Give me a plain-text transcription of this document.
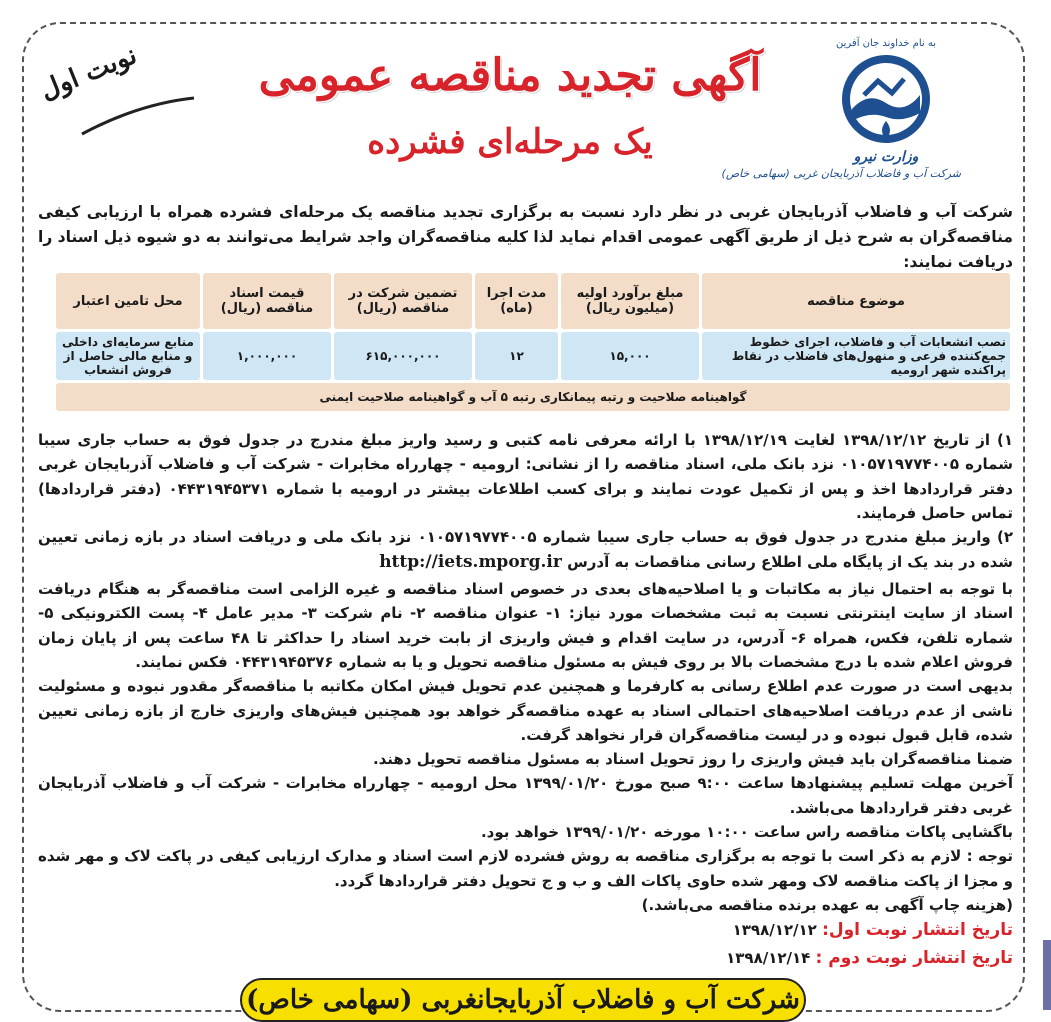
به نام خداوند جان آفرین
وزارت نیرو
شرکت آب و فاضلاب آذربایجان غربی (سهامی خاص)
آگهی تجدید مناقصه عمومی
یک مرحله‌ای فشرده
نوبت اول
شرکت آب و فاضلاب آذربایجان غربی در نظر دارد نسبت به برگزاری تجدید مناقصه یک مرحله‌ای فشرده همراه با ارزیابی کیفی مناقصه‌گران به شرح ذیل از طریق آگهی عمومی اقدام نماید لذا کلیه مناقصه‌گران واجد شرایط می‌توانند به دو شیوه ذیل اسناد را دریافت نمایند:
موضوع مناقصه	مبلغ برآورد اولیه (میلیون ریال)	مدت اجرا (ماه)	تضمین شرکت در مناقصه (ریال)	قیمت اسناد مناقصه (ریال)	محل تامین اعتبار
نصب انشعابات آب و فاضلاب، اجرای خطوط جمع‌کننده فرعی و منهول‌های فاضلاب در نقاط پراکنده شهر ارومیه	۱۵,۰۰۰	۱۲	۶۱۵,۰۰۰,۰۰۰	۱,۰۰۰,۰۰۰	منابع سرمایه‌ای داخلی و منابع مالی حاصل از فروش انشعاب
گواهینامه صلاحیت و رتبه پیمانکاری رتبه ۵ آب و گواهینامه صلاحیت ایمنی					

۱) از تاریخ ۱۳۹۸/۱۲/۱۲ لغایت ۱۳۹۸/۱۲/۱۹ با ارائه معرفی نامه کتبی و رسید واریز مبلغ مندرج در جدول فوق به حساب جاری سیبا شماره ۰۱۰۵۷۱۹۷۷۴۰۰۵ نزد بانک ملی، اسناد مناقصه را از نشانی: ارومیه - چهارراه مخابرات - شرکت آب و فاضلاب آذربایجان غربی دفتر قراردادها اخذ و پس از تکمیل عودت نمایند و برای کسب اطلاعات بیشتر در ارومیه با شماره ۰۴۴۳۱۹۴۵۳۷۱ (دفتر قراردادها) تماس حاصل فرمایند.

۲) واریز مبلغ مندرج در جدول فوق به حساب جاری سیبا شماره ۰۱۰۵۷۱۹۷۷۴۰۰۵ نزد بانک ملی و دریافت اسناد در بازه زمانی تعیین شده در بند یک از پایگاه ملی اطلاع رسانی مناقصات به آدرس http://iets.mporg.ir

با توجه به احتمال نیاز به مکاتبات و یا اصلاحیه‌های بعدی در خصوص اسناد مناقصه و غیره الزامی است مناقصه‌گر به هنگام دریافت اسناد از سایت اینترنتی نسبت به ثبت مشخصات مورد نیاز: ۱- عنوان مناقصه ۲- نام شرکت ۳- مدیر عامل ۴- پست الکترونیکی ۵- شماره تلفن، فکس، همراه ۶- آدرس، در سایت اقدام و فیش واریزی از بابت خرید اسناد را حداکثر تا ۴۸ ساعت پس از پایان زمان فروش اعلام شده با درج مشخصات بالا بر روی فیش به مسئول مناقصه تحویل و یا به شماره ۰۴۴۳۱۹۴۵۳۷۶ فکس نمایند.

بدیهی است در صورت عدم اطلاع رسانی به کارفرما و همچنین عدم تحویل فیش امکان مکاتبه با مناقصه‌گر مقدور نبوده و مسئولیت ناشی از عدم دریافت اصلاحیه‌های احتمالی اسناد به عهده مناقصه‌گر خواهد بود همچنین فیش‌های واریزی خارج از بازه زمانی تعیین شده، قابل قبول نبوده و در لیست مناقصه‌گران قرار نخواهد گرفت.

ضمنا مناقصه‌گران باید فیش واریزی را روز تحویل اسناد به مسئول مناقصه تحویل دهند.

آخرین مهلت تسلیم پیشنهادها ساعت ۹:۰۰ صبح مورخ ۱۳۹۹/۰۱/۲۰ محل ارومیه - چهارراه مخابرات - شرکت آب و فاضلاب آذربایجان غربی دفتر قراردادها می‌باشد.

باگشایی پاکات مناقصه راس ساعت ۱۰:۰۰ مورخه ۱۳۹۹/۰۱/۲۰ خواهد بود.

توجه : لازم به ذکر است با توجه به برگزاری مناقصه به روش فشرده لازم است اسناد و مدارک ارزیابی کیفی در پاکت لاک و مهر شده و مجزا از پاکت مناقصه لاک ومهر شده حاوی پاکات الف و ب و ج تحویل دفتر قراردادها گردد.

(هزینه چاپ آگهی به عهده برنده مناقصه می‌باشد.)

تاریخ انتشار نوبت اول: ۱۳۹۸/۱۲/۱۲

تاریخ انتشار نوبت دوم : ۱۳۹۸/۱۲/۱۴

شرکت آب و فاضلاب آذربایجانغربی (سهامی خاص)
